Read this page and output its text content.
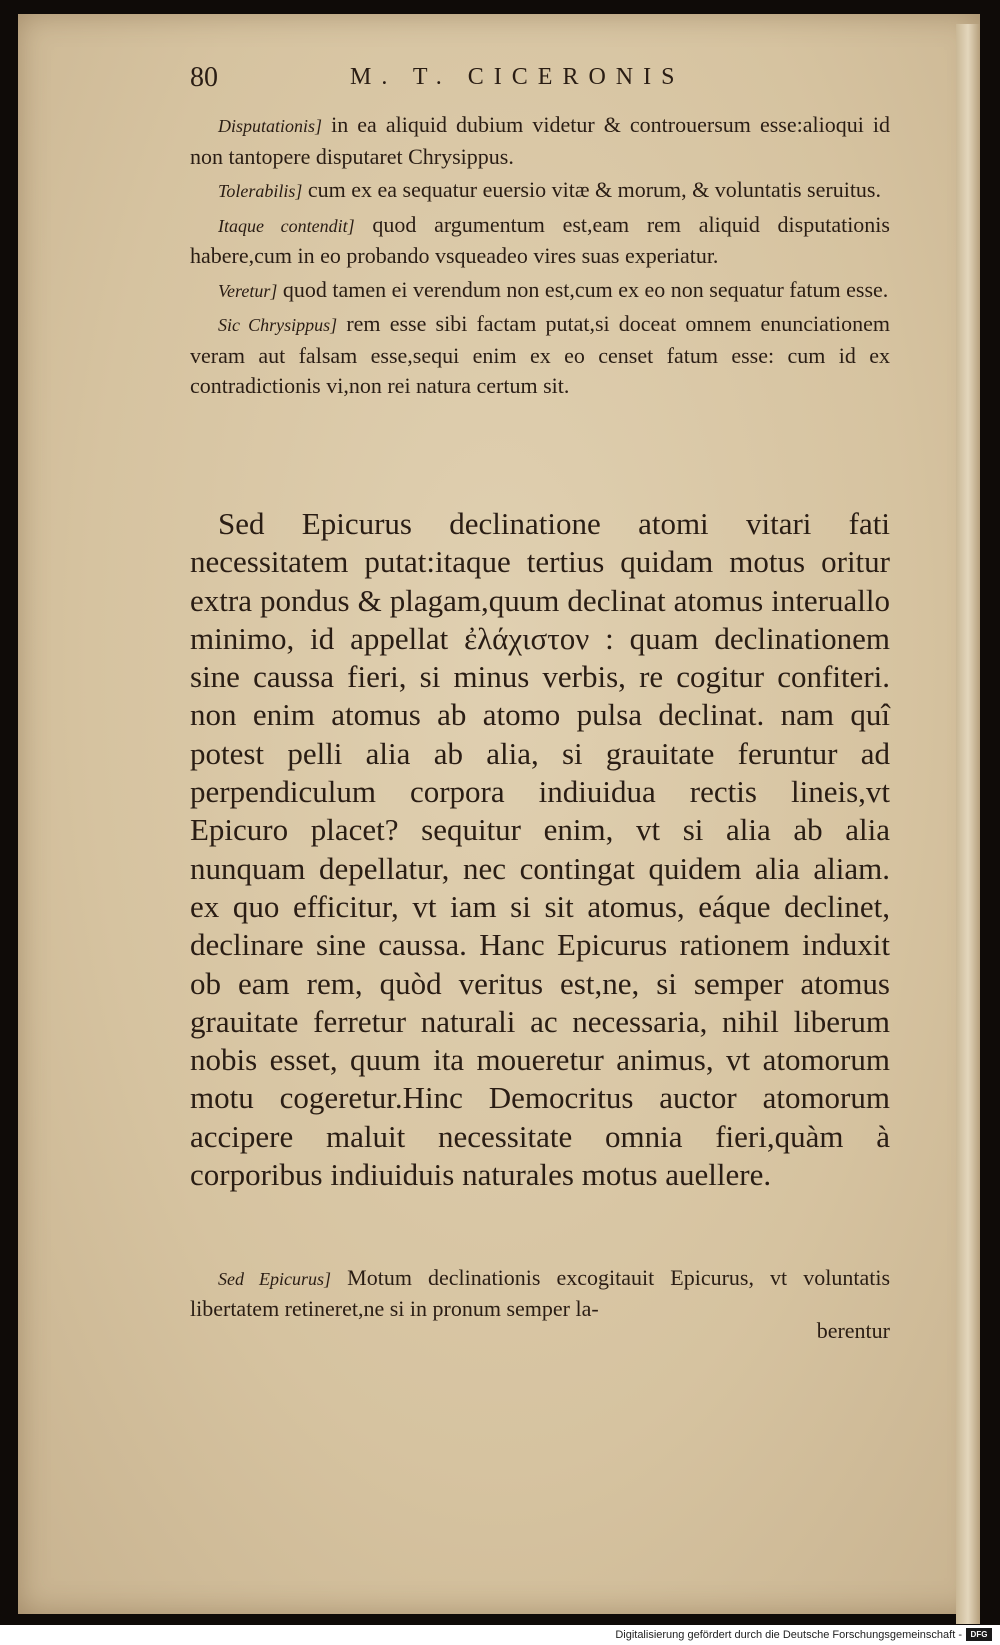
80	M. T. CICERONIS

Disputationis] in ea aliquid dubium videtur & controuersum esse:alioqui id non tantopere disputaret Chrysippus.

Tolerabilis] cum ex ea sequatur euersio vitæ & morum, & voluntatis seruitus.

Itaque contendit] quod argumentum est,eam rem aliquid disputationis habere,cum in eo probando vsqueadeo vires suas experiatur.

Veretur] quod tamen ei verendum non est,cum ex eo non sequatur fatum esse.

Sic Chrysippus] rem esse sibi factam putat,si doceat omnem enunciationem veram aut falsam esse,sequi enim ex eo censet fatum esse: cum id ex contradictionis vi,non rei natura certum sit.

Sed Epicurus declinatione atomi vitari fati necessitatem putat:itaque tertius quidam motus oritur extra pondus & plagam,quum declinat atomus interuallo minimo, id appellat ἐλάχιστον : quam declinationem sine caussa fieri, si minus verbis, re cogitur confiteri. non enim atomus ab atomo pulsa declinat. nam quî potest pelli alia ab alia, si grauitate feruntur ad perpendiculum corpora indiuidua rectis lineis,vt Epicuro placet? sequitur enim, vt si alia ab alia nunquam depellatur, nec contingat quidem alia aliam. ex quo efficitur, vt iam si sit atomus, eáque declinet, declinare sine caussa. Hanc Epicurus rationem induxit ob eam rem, quòd veritus est,ne, si semper atomus grauitate ferretur naturali ac necessaria, nihil liberum nobis esset, quum ita moueretur animus, vt atomorum motu cogeretur.Hinc Democritus auctor atomorum accipere maluit necessitate omnia fieri,quàm à corporibus indiuiduis naturales motus auellere.

Sed Epicurus] Motum declinationis excogitauit Epicurus, vt voluntatis libertatem retineret,ne si in pronum semper la-

berentur
Digitalisierung gefördert durch die Deutsche Forschungsgemeinschaft -	DFG
